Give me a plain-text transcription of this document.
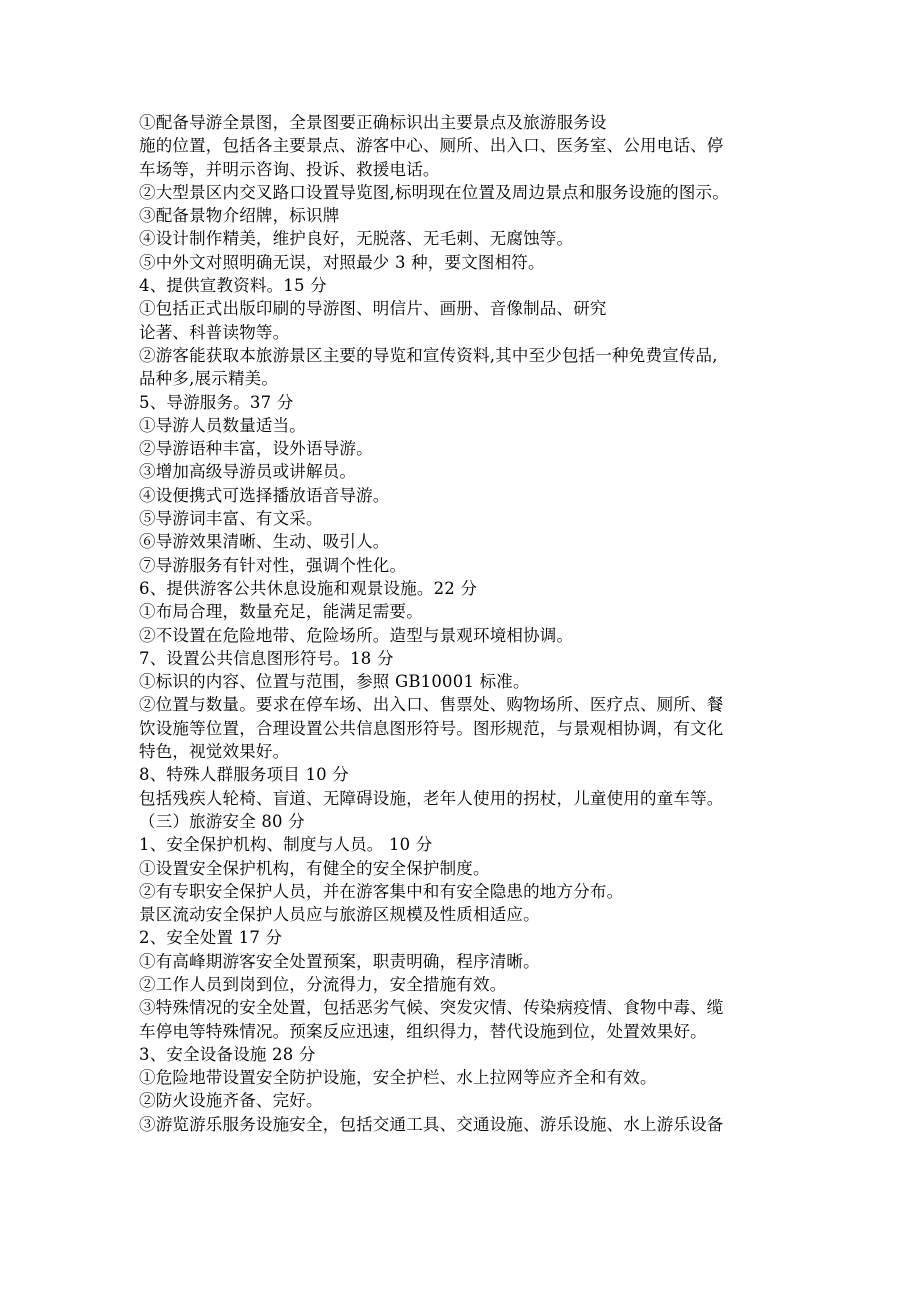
①配备导游全景图，全景图要正确标识出主要景点及旅游服务设
施的位置，包括各主要景点、游客中心、厕所、出入口、医务室、公用电话、停
车场等，并明示咨询、投诉、救援电话。
②大型景区内交叉路口设置导览图,标明现在位置及周边景点和服务设施的图示。
③配备景物介绍牌，标识牌
④设计制作精美，维护良好，无脱落、无毛刺、无腐蚀等。
⑤中外文对照明确无误，对照最少 3 种，要文图相符。
4、提供宣教资料。15 分
①包括正式出版印刷的导游图、明信片、画册、音像制品、研究
论著、科普读物等。
②游客能获取本旅游景区主要的导览和宣传资料,其中至少包括一种免费宣传品,
品种多,展示精美。
5、导游服务。37 分
①导游人员数量适当。
②导游语种丰富，设外语导游。
③增加高级导游员或讲解员。
④设便携式可选择播放语音导游。
⑤导游词丰富、有文采。
⑥导游效果清晰、生动、吸引人。
⑦导游服务有针对性，强调个性化。
6、提供游客公共休息设施和观景设施。22 分
①布局合理，数量充足，能满足需要。
②不设置在危险地带、危险场所。造型与景观环境相协调。
7、设置公共信息图形符号。18 分
①标识的内容、位置与范围，参照 GB10001 标准。
②位置与数量。要求在停车场、出入口、售票处、购物场所、医疗点、厕所、餐
饮设施等位置，合理设置公共信息图形符号。图形规范，与景观相协调，有文化
特色，视觉效果好。
8、特殊人群服务项目 10 分
包括残疾人轮椅、盲道、无障碍设施，老年人使用的拐杖，儿童使用的童车等。
（三）旅游安全 80 分
1、安全保护机构、制度与人员。 10 分
①设置安全保护机构，有健全的安全保护制度。
②有专职安全保护人员，并在游客集中和有安全隐患的地方分布。
景区流动安全保护人员应与旅游区规模及性质相适应。
2、安全处置 17 分
①有高峰期游客安全处置预案，职责明确，程序清晰。
②工作人员到岗到位，分流得力，安全措施有效。
③特殊情况的安全处置，包括恶劣气候、突发灾情、传染病疫情、食物中毒、缆
车停电等特殊情况。预案反应迅速，组织得力，替代设施到位，处置效果好。
3、安全设备设施 28 分
①危险地带设置安全防护设施，安全护栏、水上拉网等应齐全和有效。
②防火设施齐备、完好。
③游览游乐服务设施安全，包括交通工具、交通设施、游乐设施、水上游乐设备
